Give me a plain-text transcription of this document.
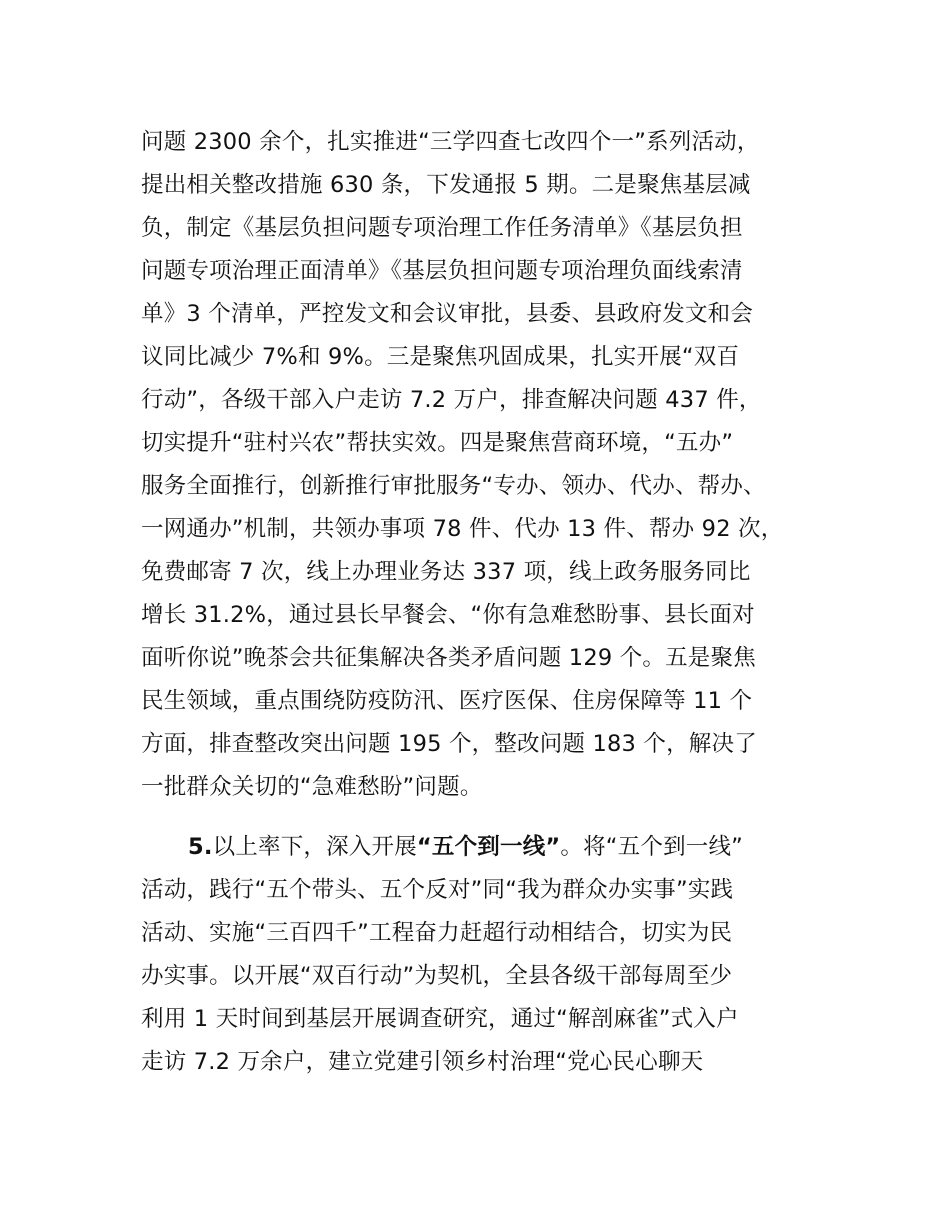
问题 2300 余个，扎实推进“三学四查七改四个一”系列活动，
提出相关整改措施 630 条，下发通报 5 期。二是聚焦基层减
负，制定《基层负担问题专项治理工作任务清单》《基层负担
问题专项治理正面清单》《基层负担问题专项治理负面线索清
单》3 个清单，严控发文和会议审批，县委、县政府发文和会
议同比减少 7%和 9%。三是聚焦巩固成果，扎实开展“双百
行动”，各级干部入户走访 7.2 万户，排查解决问题 437 件，
切实提升“驻村兴农”帮扶实效。四是聚焦营商环境，“五办”
服务全面推行，创新推行审批服务“专办、领办、代办、帮办、
一网通办”机制，共领办事项 78 件、代办 13 件、帮办 92 次，
免费邮寄 7 次，线上办理业务达 337 项，线上政务服务同比
增长 31.2%，通过县长早餐会、“你有急难愁盼事、县长面对
面听你说”晚茶会共征集解决各类矛盾问题 129 个。五是聚焦
民生领域，重点围绕防疫防汛、医疗医保、住房保障等 11 个
方面，排查整改突出问题 195 个，整改问题 183 个，解决了
一批群众关切的“急难愁盼”问题。
5.以上率下，深入开展“五个到一线”。将“五个到一线”
活动，践行“五个带头、五个反对”同“我为群众办实事”实践
活动、实施“三百四千”工程奋力赶超行动相结合，切实为民
办实事。以开展“双百行动”为契机，全县各级干部每周至少
利用 1 天时间到基层开展调查研究，通过“解剖麻雀”式入户
走访 7.2 万余户，建立党建引领乡村治理“党心民心聊天
